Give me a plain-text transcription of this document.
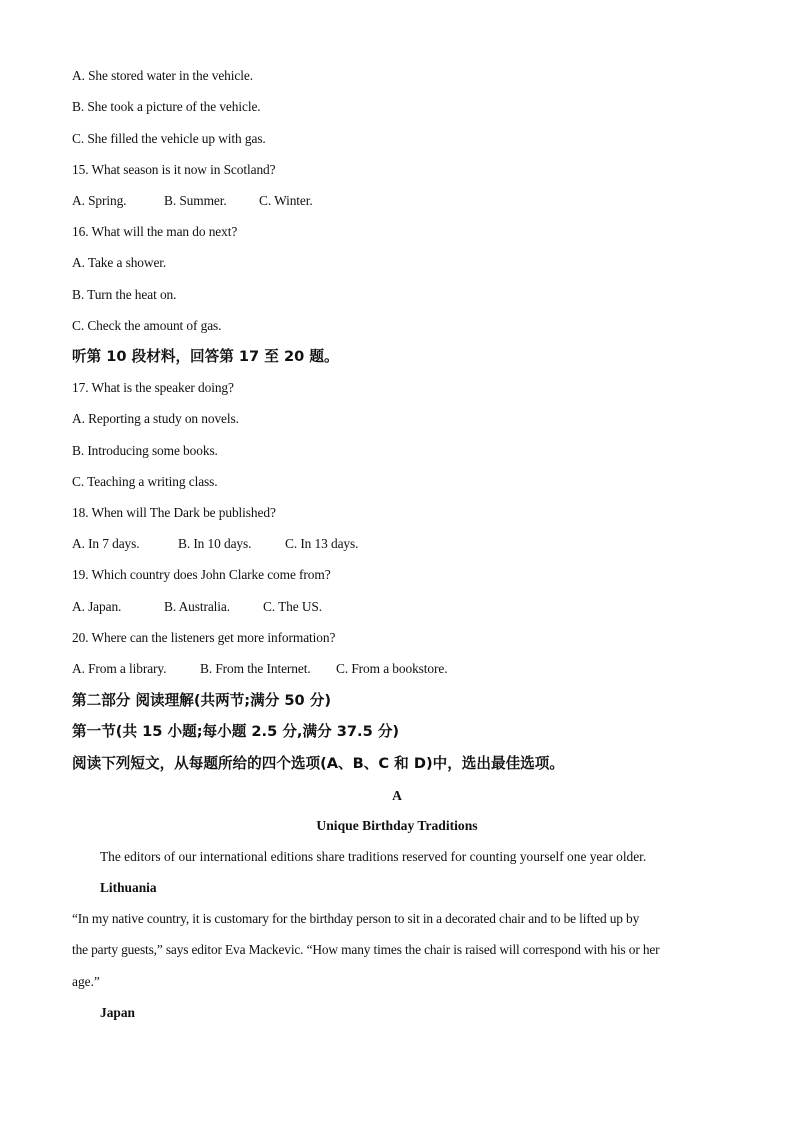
A. She stored water in the vehicle.
B. She took a picture of the vehicle.
C. She filled the vehicle up with gas.
15. What season is it now in Scotland?
A. Spring.	B. Summer. C. Winter.
16. What will the man do next?
A. Take a shower.
B. Turn the heat on.
C. Check the amount of gas.
听第 10 段材料，回答第 17 至 20 题。
17. What is the speaker doing?
A. Reporting a study on novels.
B. Introducing some books.
C. Teaching a writing class.
18. When will The Dark be published?
A. In 7 days.	B. In 10 days.	C. In 13 days.
19. Which country does John Clarke come from?
A. Japan.	B. Australia. C. The US.
20. Where can the listeners get more information?
A. From a library.	B. From the Internet. C. From a bookstore.
第二部分 阅读理解(共两节;满分 50 分)
第一节(共 15 小题;每小题 2.5 分,满分 37.5 分)
阅读下列短文，从每题所给的四个选项(A、B、C 和 D)中，选出最佳选项。
A
Unique Birthday Traditions
The editors of our international editions share traditions reserved for counting yourself one year older.
Lithuania
“In my native country, it is customary for the birthday person to sit in a decorated chair and to be lifted up by
the party guests,” says editor Eva Mackevic. “How many times the chair is raised will correspond with his or her
age.”
Japan
